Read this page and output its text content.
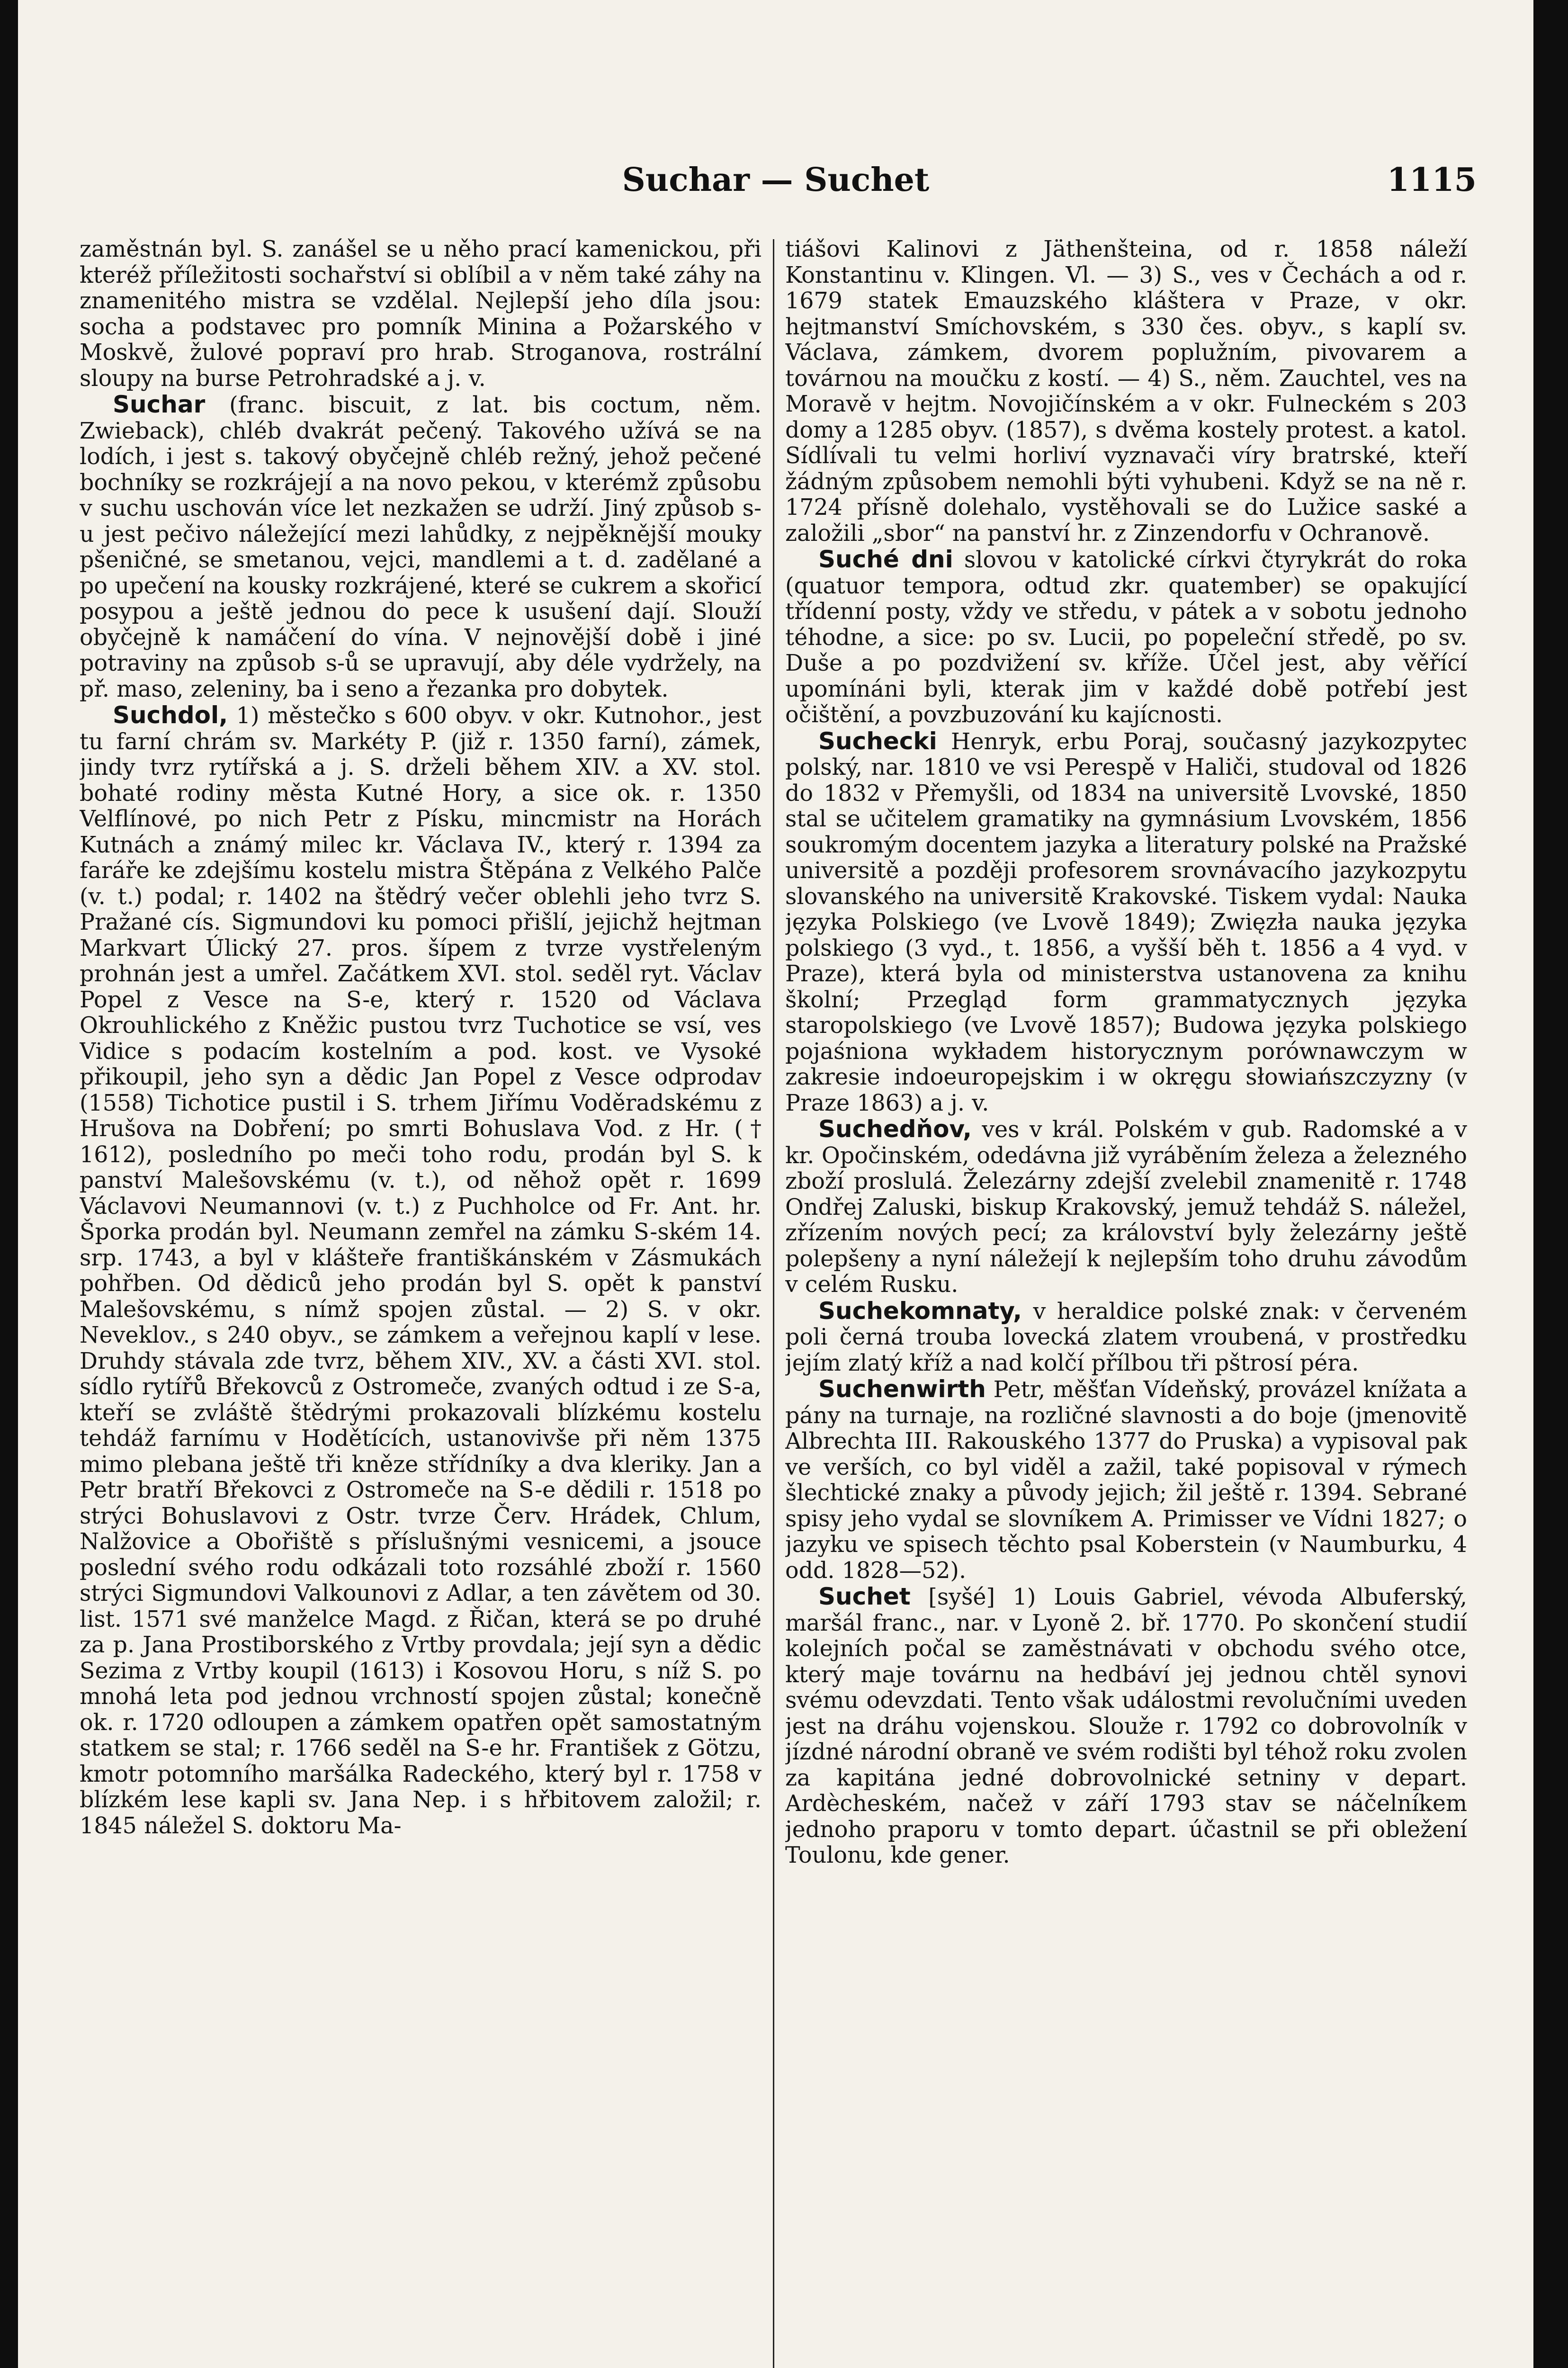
Suchar — Suchet	1115

zaměstnán byl. S. zanášel se u něho prací kamenickou, při kteréž příležitosti sochařství si oblíbil a v něm také záhy na znamenitého mistra se vzdělal. Nejlepší jeho díla jsou: socha a podstavec pro pomník Minina a Požarského v Moskvě, žulové popraví pro hrab. Stroganova, rostrální sloupy na burse Petrohradské a j. v.

Suchar (franc. biscuit, z lat. bis coctum, něm. Zwieback), chléb dvakrát pečený. Takového užívá se na lodích, i jest s. takový obyčejně chléb režný, jehož pečené bochníky se rozkrájejí a na novo pekou, v kterémž způsobu v suchu uschován více let nezkažen se udrží. Jiný způsob s-u jest pečivo náležející mezi lahůdky, z nejpěknější mouky pšeničné, se smetanou, vejci, mandlemi a t. d. zadělané a po upečení na kousky rozkrájené, které se cukrem a skořicí posypou a ještě jednou do pece k usušení dají. Slouží obyčejně k namáčení do vína. V nejnovější době i jiné potraviny na způsob s-ů se upravují, aby déle vydržely, na př. maso, zeleniny, ba i seno a řezanka pro dobytek.

Suchdol, 1) městečko s 600 obyv. v okr. Kutnohor., jest tu farní chrám sv. Markéty P. (již r. 1350 farní), zámek, jindy tvrz rytířská a j. S. drželi během XIV. a XV. stol. bohaté rodiny města Kutné Hory, a sice ok. r. 1350 Velflínové, po nich Petr z Písku, mincmistr na Horách Kutnách a známý milec kr. Václava IV., který r. 1394 za faráře ke zdejšímu kostelu mistra Štěpána z Velkého Palče (v. t.) podal; r. 1402 na štědrý večer oblehli jeho tvrz S. Pražané cís. Sigmundovi ku pomoci přišlí, jejichž hejtman Markvart Úlický 27. pros. šípem z tvrze vystřeleným prohnán jest a umřel. Začátkem XVI. stol. seděl ryt. Václav Popel z Vesce na S-e, který r. 1520 od Václava Okrouhlického z Kněžic pustou tvrz Tuchotice se vsí, ves Vidice s podacím kostelním a pod. kost. ve Vysoké přikoupil, jeho syn a dědic Jan Popel z Vesce odprodav (1558) Tichotice pustil i S. trhem Jiřímu Voděradskému z Hrušova na Dobření; po smrti Bohuslava Vod. z Hr. († 1612), posledního po meči toho rodu, prodán byl S. k panství Malešovskému (v. t.), od něhož opět r. 1699 Václavovi Neumannovi (v. t.) z Puchholce od Fr. Ant. hr. Šporka prodán byl. Neumann zemřel na zámku S-ském 14. srp. 1743, a byl v klášteře františkánském v Zásmukách pohřben. Od dědiců jeho prodán byl S. opět k panství Malešovskému, s nímž spojen zůstal. — 2) S. v okr. Neveklov., s 240 obyv., se zámkem a veřejnou kaplí v lese. Druhdy stávala zde tvrz, během XIV., XV. a části XVI. stol. sídlo rytířů Břekovců z Ostromeče, zvaných odtud i ze S-a, kteří se zvláště štědrými prokazovali blízkému kostelu tehdáž farnímu v Hodětících, ustanovivše při něm 1375 mimo plebana ještě tři kněze střídníky a dva kleriky. Jan a Petr bratří Břekovci z Ostromeče na S-e dědili r. 1518 po strýci Bohuslavovi z Ostr. tvrze Červ. Hrádek, Chlum, Nalžovice a Obořiště s příslušnými vesnicemi, a jsouce poslední svého rodu odkázali toto rozsáhlé zboží r. 1560 strýci Sigmundovi Valkounovi z Adlar, a ten závětem od 30. list. 1571 své manželce Magd. z Řičan, která se po druhé za p. Jana Prostiborského z Vrtby provdala; její syn a dědic Sezima z Vrtby koupil (1613) i Kosovou Horu, s níž S. po mnohá leta pod jednou vrchností spojen zůstal; konečně ok. r. 1720 odloupen a zámkem opatřen opět samostatným statkem se stal; r. 1766 seděl na S-e hr. František z Götzu, kmotr potomního maršálka Radeckého, který byl r. 1758 v blízkém lese kapli sv. Jana Nep. i s hřbitovem založil; r. 1845 náležel S. doktoru Ma-

tiášovi Kalinovi z Jäthenšteina, od r. 1858 náleží Konstantinu v. Klingen. Vl. — 3) S., ves v Čechách a od r. 1679 statek Emauzského kláštera v Praze, v okr. hejtmanství Smíchovském, s 330 čes. obyv., s kaplí sv. Václava, zámkem, dvorem poplužním, pivovarem a továrnou na moučku z kostí. — 4) S., něm. Zauchtel, ves na Moravě v hejtm. Novojičínském a v okr. Fulneckém s 203 domy a 1285 obyv. (1857), s dvěma kostely protest. a katol. Sídlívali tu velmi horliví vyznavači víry bratrské, kteří žádným způsobem nemohli býti vyhubeni. Když se na ně r. 1724 přísně dolehalo, vystěhovali se do Lužice saské a založili „sbor“ na panství hr. z Zinzendorfu v Ochranově.

Suché dni slovou v katolické církvi čtyrykrát do roka (quatuor tempora, odtud zkr. quatember) se opakující třídenní posty, vždy ve středu, v pátek a v sobotu jednoho téhodne, a sice: po sv. Lucii, po popeleční středě, po sv. Duše a po pozdvižení sv. kříže. Účel jest, aby věřící upomínáni byli, kterak jim v každé době potřebí jest očištění, a povzbuzování ku kajícnosti.

Suchecki Henryk, erbu Poraj, současný jazykozpytec polský, nar. 1810 ve vsi Perespě v Haliči, studoval od 1826 do 1832 v Přemyšli, od 1834 na universitě Lvovské, 1850 stal se učitelem gramatiky na gymnásium Lvovském, 1856 soukromým docentem jazyka a literatury polské na Pražské universitě a později profesorem srovnávacího jazykozpytu slovanského na universitě Krakovské. Tiskem vydal: Nauka języka Polskiego (ve Lvově 1849); Zwięzła nauka języka polskiego (3 vyd., t. 1856, a vyšší běh t. 1856 a 4 vyd. v Praze), která byla od ministerstva ustanovena za knihu školní; Przegląd form grammatycznych języka staropolskiego (ve Lvově 1857); Budowa języka polskiego pojaśniona wykładem historycznym porównawczym w zakresie indoeuropejskim i w okręgu słowiańszczyzny (v Praze 1863) a j. v.

Suchedňov, ves v král. Polském v gub. Radomské a v kr. Opočinském, odedávna již vyráběním železa a železného zboží proslulá. Železárny zdejší zvelebil znamenitě r. 1748 Ondřej Zaluski, biskup Krakovský, jemuž tehdáž S. náležel, zřízením nových pecí; za království byly železárny ještě polepšeny a nyní náležejí k nejlepším toho druhu závodům v celém Rusku.

Suchekomnaty, v heraldice polské znak: v červeném poli černá trouba lovecká zlatem vroubená, v prostředku jejím zlatý kříž a nad kolčí přílbou tři pštrosí péra.

Suchenwirth Petr, měšťan Vídeňský, provázel knížata a pány na turnaje, na rozličné slavnosti a do boje (jmenovitě Albrechta III. Rakouského 1377 do Pruska) a vypisoval pak ve verších, co byl viděl a zažil, také popisoval v rýmech šlechtické znaky a původy jejich; žil ještě r. 1394. Sebrané spisy jeho vydal se slovníkem A. Primisser ve Vídni 1827; o jazyku ve spisech těchto psal Koberstein (v Naumburku, 4 odd. 1828—52).

Suchet [syšé] 1) Louis Gabriel, vévoda Albuferský, maršál franc., nar. v Lyoně 2. bř. 1770. Po skončení studií kolejních počal se zaměstnávati v obchodu svého otce, který maje továrnu na hedbáví jej jednou chtěl synovi svému odevzdati. Tento však událostmi revolučními uveden jest na dráhu vojenskou. Slouže r. 1792 co dobrovolník v jízdné národní obraně ve svém rodišti byl téhož roku zvolen za kapitána jedné dobrovolnické setniny v depart. Ardècheském, načež v září 1793 stav se náčelníkem jednoho praporu v tomto depart. účastnil se při obležení Toulonu, kde gener.
